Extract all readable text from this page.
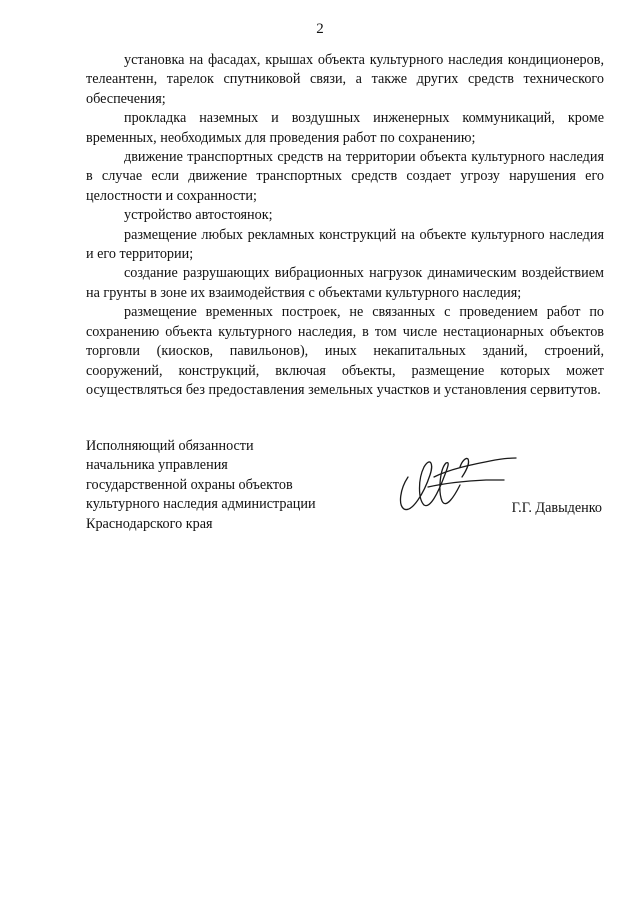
2

установка на фасадах, крышах объекта культурного наследия кондиционеров, телеантенн, тарелок спутниковой связи, а также других средств технического обеспечения;

прокладка наземных и воздушных инженерных коммуникаций, кроме временных, необходимых для проведения работ по сохранению;

движение транспортных средств на территории объекта культурного наследия в случае если движение транспортных средств создает угрозу нарушения его целостности и сохранности;

устройство автостоянок;

размещение любых рекламных конструкций на объекте культурного наследия и его территории;

создание разрушающих вибрационных нагрузок динамическим воздействием на грунты в зоне их взаимодействия с объектами культурного наследия;

размещение временных построек, не связанных с проведением работ по сохранению объекта культурного наследия, в том числе нестационарных объектов торговли (киосков, павильонов), иных некапитальных зданий, строений, сооружений, конструкций, включая объекты, размещение которых может осуществляться без предоставления земельных участков и установления сервитутов.

Исполняющий обязанности
начальника управления
государственной охраны объектов
культурного наследия администрации
Краснодарского края
Г.Г. Давыденко
